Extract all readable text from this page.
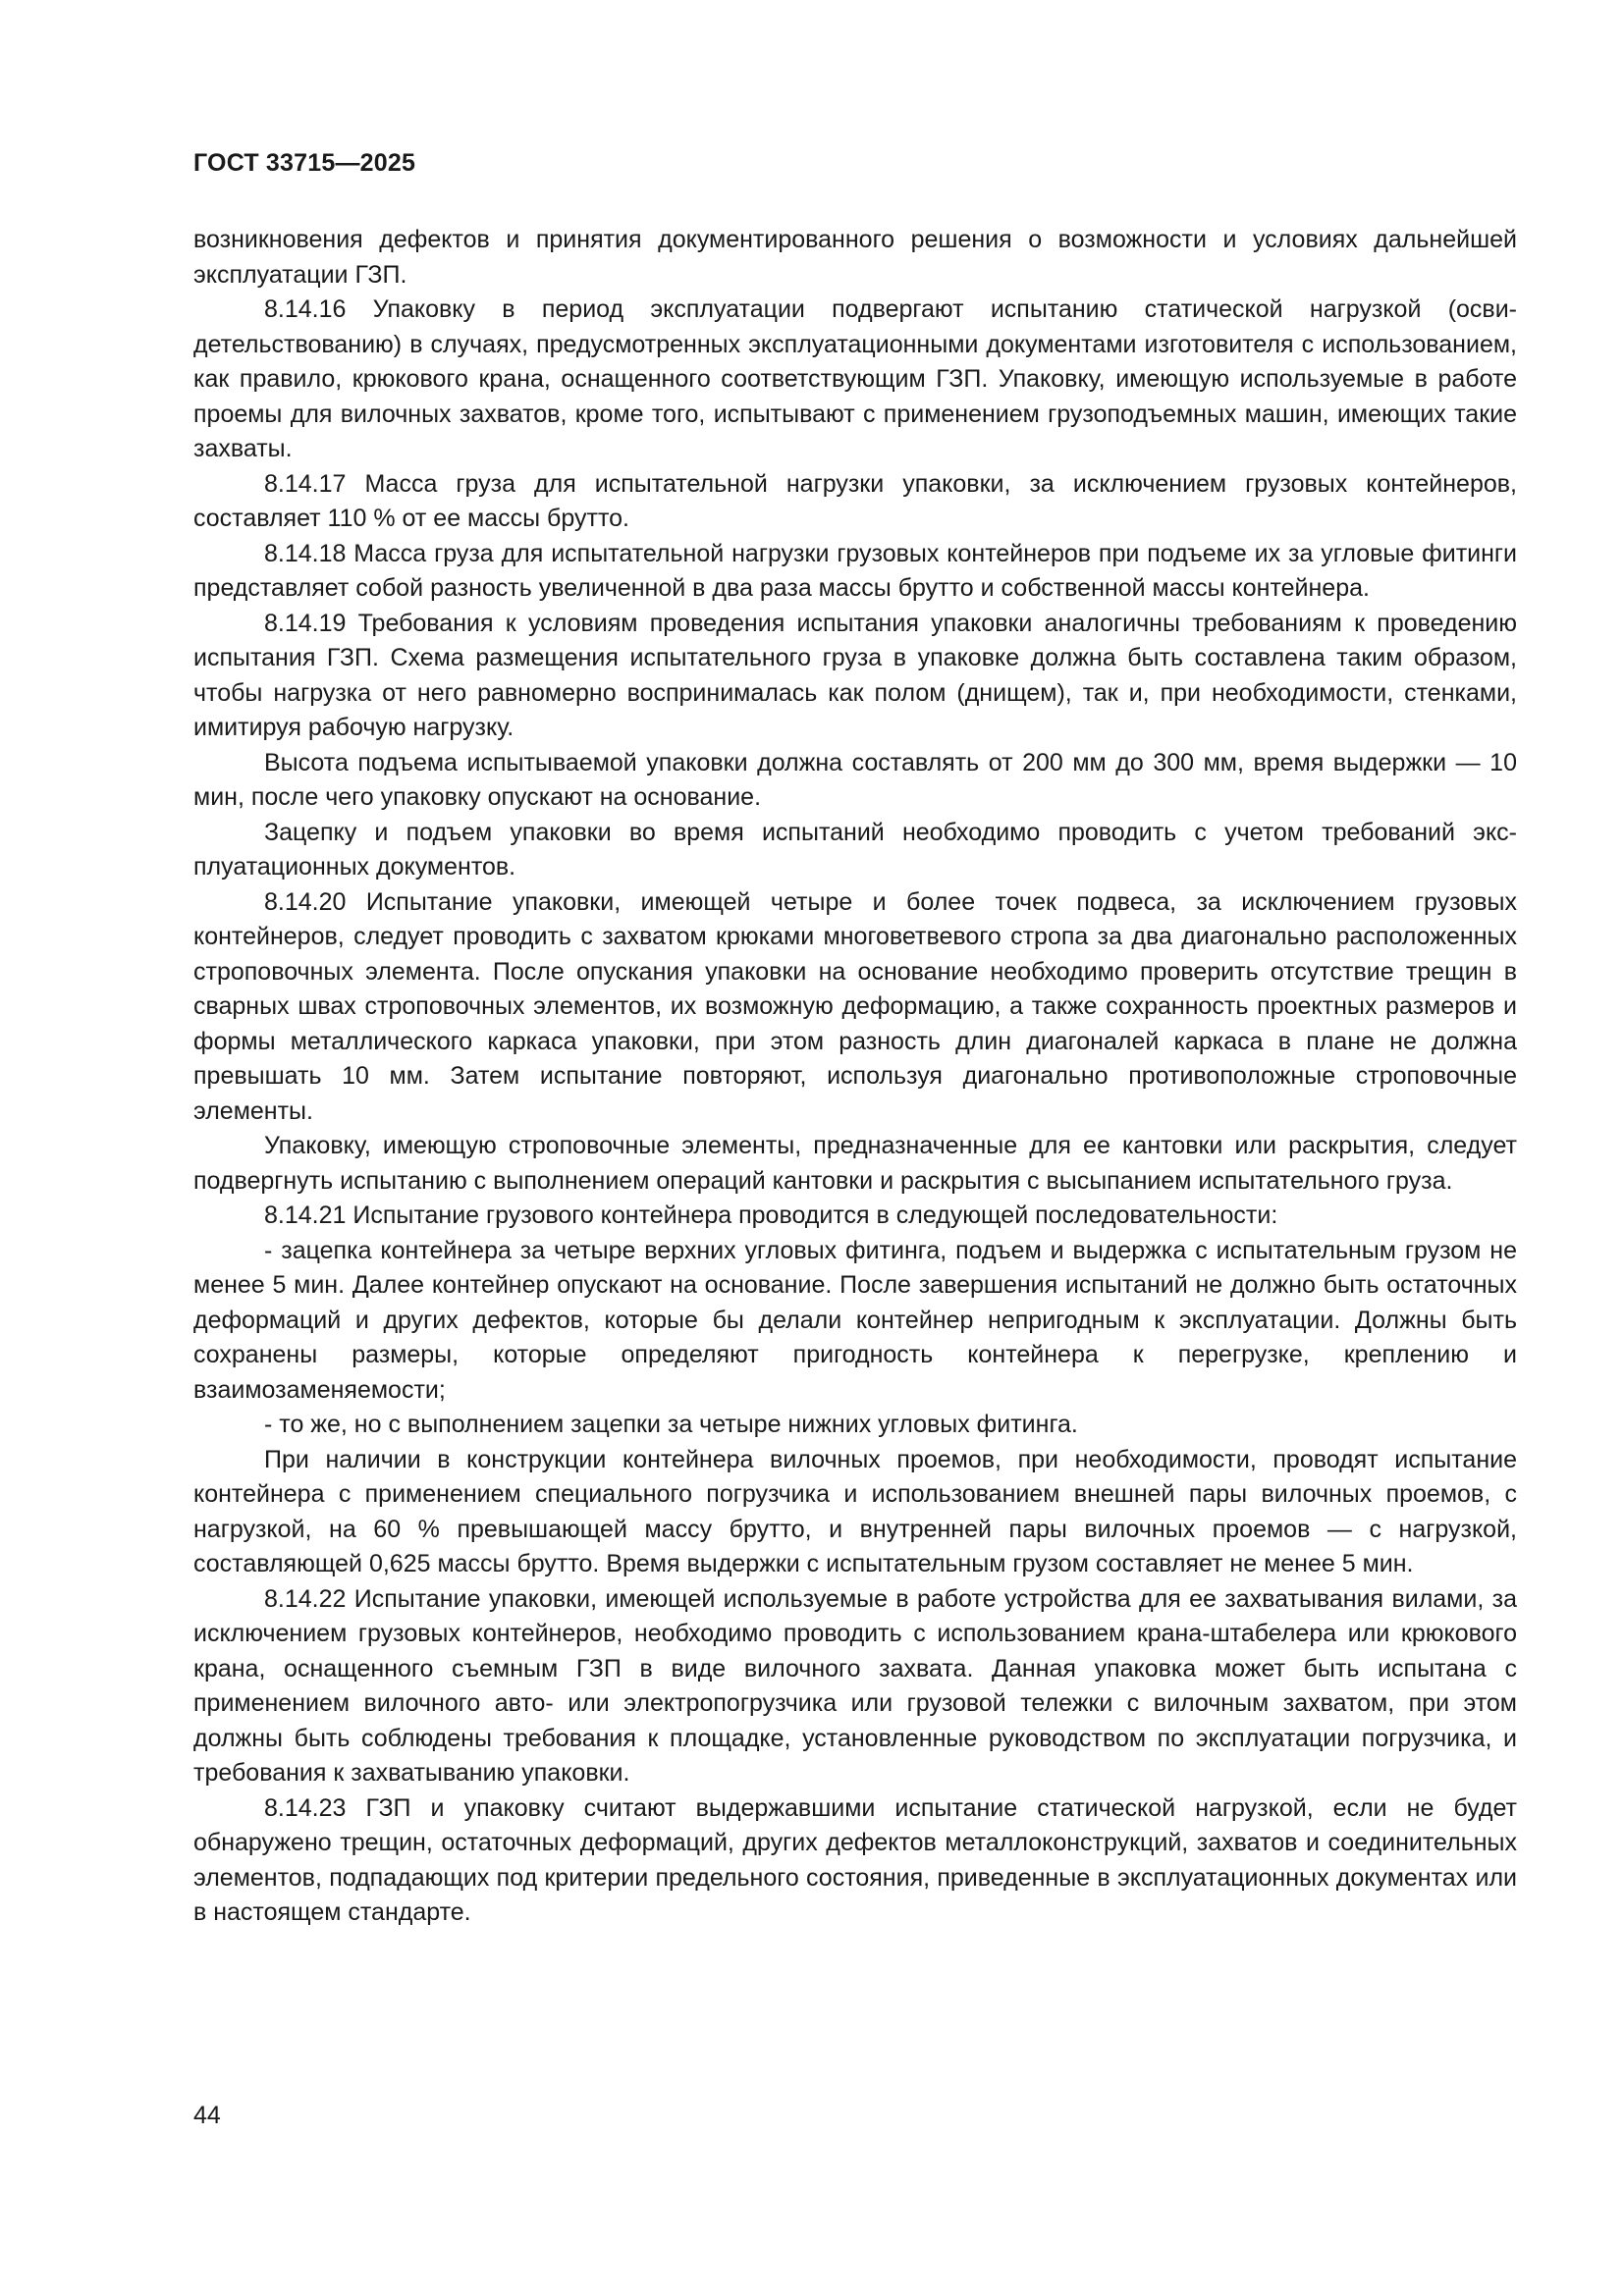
ГОСТ 33715—2025

возникновения дефектов и принятия документированного решения о возможности и условиях дальнейшей эксплуатации ГЗП.

8.14.16 Упаковку в период эксплуатации подвергают испытанию статической нагрузкой (освидетельствованию) в случаях, предусмотренных эксплуатационными документами изготовителя с использованием, как правило, крюкового крана, оснащенного соответствующим ГЗП. Упаковку, имеющую используемые в работе проемы для вилочных захватов, кроме того, испытывают с применением грузоподъемных машин, имеющих такие захваты.

8.14.17 Масса груза для испытательной нагрузки упаковки, за исключением грузовых контейнеров, составляет 110 % от ее массы брутто.

8.14.18 Масса груза для испытательной нагрузки грузовых контейнеров при подъеме их за угловые фитинги представляет собой разность увеличенной в два раза массы брутто и собственной массы контейнера.

8.14.19 Требования к условиям проведения испытания упаковки аналогичны требованиям к проведению испытания ГЗП. Схема размещения испытательного груза в упаковке должна быть составлена таким образом, чтобы нагрузка от него равномерно воспринималась как полом (днищем), так и, при необходимости, стенками, имитируя рабочую нагрузку.

Высота подъема испытываемой упаковки должна составлять от 200 мм до 300 мм, время выдержки — 10 мин, после чего упаковку опускают на основание.

Зацепку и подъем упаковки во время испытаний необходимо проводить с учетом требований эксплуатационных документов.

8.14.20 Испытание упаковки, имеющей четыре и более точек подвеса, за исключением грузовых контейнеров, следует проводить с захватом крюками многоветвевого стропа за два диагонально расположенных строповочных элемента. После опускания упаковки на основание необходимо проверить отсутствие трещин в сварных швах строповочных элементов, их возможную деформацию, а также сохранность проектных размеров и формы металлического каркаса упаковки, при этом разность длин диагоналей каркаса в плане не должна превышать 10 мм. Затем испытание повторяют, используя диагонально противоположные строповочные элементы.

Упаковку, имеющую строповочные элементы, предназначенные для ее кантовки или раскрытия, следует подвергнуть испытанию с выполнением операций кантовки и раскрытия с высыпанием испытательного груза.

8.14.21 Испытание грузового контейнера проводится в следующей последовательности:

- зацепка контейнера за четыре верхних угловых фитинга, подъем и выдержка с испытательным грузом не менее 5 мин. Далее контейнер опускают на основание. После завершения испытаний не должно быть остаточных деформаций и других дефектов, которые бы делали контейнер непригодным к эксплуатации. Должны быть сохранены размеры, которые определяют пригодность контейнера к перегрузке, креплению и взаимозаменяемости;

- то же, но с выполнением зацепки за четыре нижних угловых фитинга.

При наличии в конструкции контейнера вилочных проемов, при необходимости, проводят испытание контейнера с применением специального погрузчика и использованием внешней пары вилочных проемов, с нагрузкой, на 60 % превышающей массу брутто, и внутренней пары вилочных проемов — с нагрузкой, составляющей 0,625 массы брутто. Время выдержки с испытательным грузом составляет не менее 5 мин.

8.14.22 Испытание упаковки, имеющей используемые в работе устройства для ее захватывания вилами, за исключением грузовых контейнеров, необходимо проводить с использованием крана-штабелера или крюкового крана, оснащенного съемным ГЗП в виде вилочного захвата. Данная упаковка может быть испытана с применением вилочного авто- или электропогрузчика или грузовой тележки с вилочным захватом, при этом должны быть соблюдены требования к площадке, установленные руководством по эксплуатации погрузчика, и требования к захватыванию упаковки.

8.14.23 ГЗП и упаковку считают выдержавшими испытание статической нагрузкой, если не будет обнаружено трещин, остаточных деформаций, других дефектов металлоконструкций, захватов и соединительных элементов, подпадающих под критерии предельного состояния, приведенные в эксплуатационных документах или в настоящем стандарте.

44
